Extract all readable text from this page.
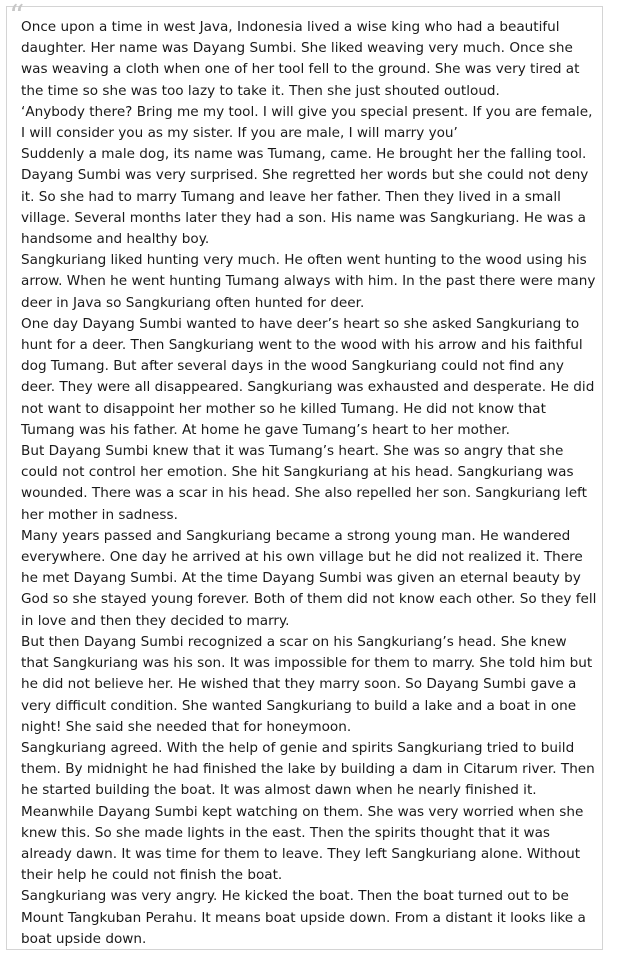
“

Once upon a time in west Java, Indonesia lived a wise king who had a beautiful daughter. Her name was Dayang Sumbi. She liked weaving very much. Once she was weaving a cloth when one of her tool fell to the ground. She was very tired at the time so she was too lazy to take it. Then she just shouted outloud.

‘Anybody there? Bring me my tool. I will give you special present. If you are female, I will consider you as my sister. If you are male, I will marry you’

Suddenly a male dog, its name was Tumang, came. He brought her the falling tool. Dayang Sumbi was very surprised. She regretted her words but she could not deny it. So she had to marry Tumang and leave her father. Then they lived in a small village. Several months later they had a son. His name was Sangkuriang. He was a handsome and healthy boy.

Sangkuriang liked hunting very much. He often went hunting to the wood using his arrow. When he went hunting Tumang always with him. In the past there were many deer in Java so Sangkuriang often hunted for deer.

One day Dayang Sumbi wanted to have deer’s heart so she asked Sangkuriang to hunt for a deer. Then Sangkuriang went to the wood with his arrow and his faithful dog Tumang. But after several days in the wood Sangkuriang could not find any deer. They were all disappeared. Sangkuriang was exhausted and desperate. He did not want to disappoint her mother so he killed Tumang. He did not know that Tumang was his father. At home he gave Tumang’s heart to her mother.

But Dayang Sumbi knew that it was Tumang’s heart. She was so angry that she could not control her emotion. She hit Sangkuriang at his head. Sangkuriang was wounded. There was a scar in his head. She also repelled her son. Sangkuriang left her mother in sadness.

Many years passed and Sangkuriang became a strong young man. He wandered everywhere. One day he arrived at his own village but he did not realized it. There he met Dayang Sumbi. At the time Dayang Sumbi was given an eternal beauty by God so she stayed young forever. Both of them did not know each other. So they fell in love and then they decided to marry.

But then Dayang Sumbi recognized a scar on his Sangkuriang’s head. She knew that Sangkuriang was his son. It was impossible for them to marry. She told him but he did not believe her. He wished that they marry soon. So Dayang Sumbi gave a very difficult condition. She wanted Sangkuriang to build a lake and a boat in one night! She said she needed that for honeymoon.

Sangkuriang agreed. With the help of genie and spirits Sangkuriang tried to build them. By midnight he had finished the lake by building a dam in Citarum river. Then he started building the boat. It was almost dawn when he nearly finished it. Meanwhile Dayang Sumbi kept watching on them. She was very worried when she knew this. So she made lights in the east. Then the spirits thought that it was already dawn. It was time for them to leave. They left Sangkuriang alone. Without their help he could not finish the boat.

Sangkuriang was very angry. He kicked the boat. Then the boat turned out to be Mount Tangkuban Perahu. It means boat upside down. From a distant it looks like a boat upside down.
